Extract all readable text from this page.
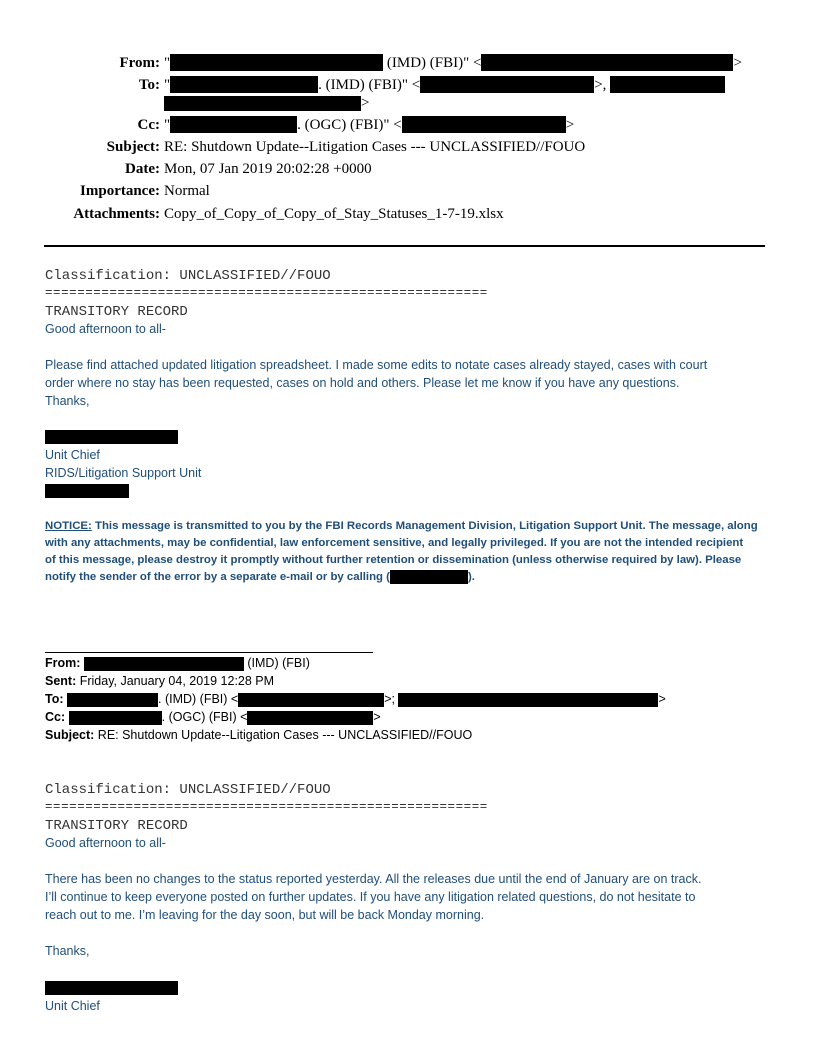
From: "	(IMD) (FBI)" <	>
To: "	. (IMD) (FBI)" <	>,
>
Cc: "	. (OGC) (FBI)" <	>
Subject: RE: Shutdown Update--Litigation Cases --- UNCLASSIFIED//FOUO
Date: Mon, 07 Jan 2019 20:02:28 +0000
Importance: Normal
Attachments: Copy_of_Copy_of_Copy_of_Stay_Statuses_1-7-19.xlsx
Classification: UNCLASSIFIED//FOUO
=======================================================
TRANSITORY RECORD
Good afternoon to all-
Please find attached updated litigation spreadsheet. I made some edits to notate cases already stayed, cases with court
order where no stay has been requested, cases on hold and others. Please let me know if you have any questions.
Thanks,
Unit Chief
RIDS/Litigation Support Unit
NOTICE: This message is transmitted to you by the FBI Records Management Division, Litigation Support Unit. The message, along
with any attachments, may be confidential, law enforcement sensitive, and legally privileged. If you are not the intended recipient
of this message, please destroy it promptly without further retention or dissemination (unless otherwise required by law). Please
notify the sender of the error by a separate e-mail or by calling (	).
From:	(IMD) (FBI)
Sent: Friday, January 04, 2019 12:28 PM
To:	. (IMD) (FBI) <	>;	>
Cc:	. (OGC) (FBI) <	>
Subject: RE: Shutdown Update--Litigation Cases --- UNCLASSIFIED//FOUO
Classification: UNCLASSIFIED//FOUO
=======================================================
TRANSITORY RECORD
Good afternoon to all-
There has been no changes to the status reported yesterday. All the releases due until the end of January are on track.
I’ll continue to keep everyone posted on further updates. If you have any litigation related questions, do not hesitate to
reach out to me. I’m leaving for the day soon, but will be back Monday morning.
Thanks,
Unit Chief
